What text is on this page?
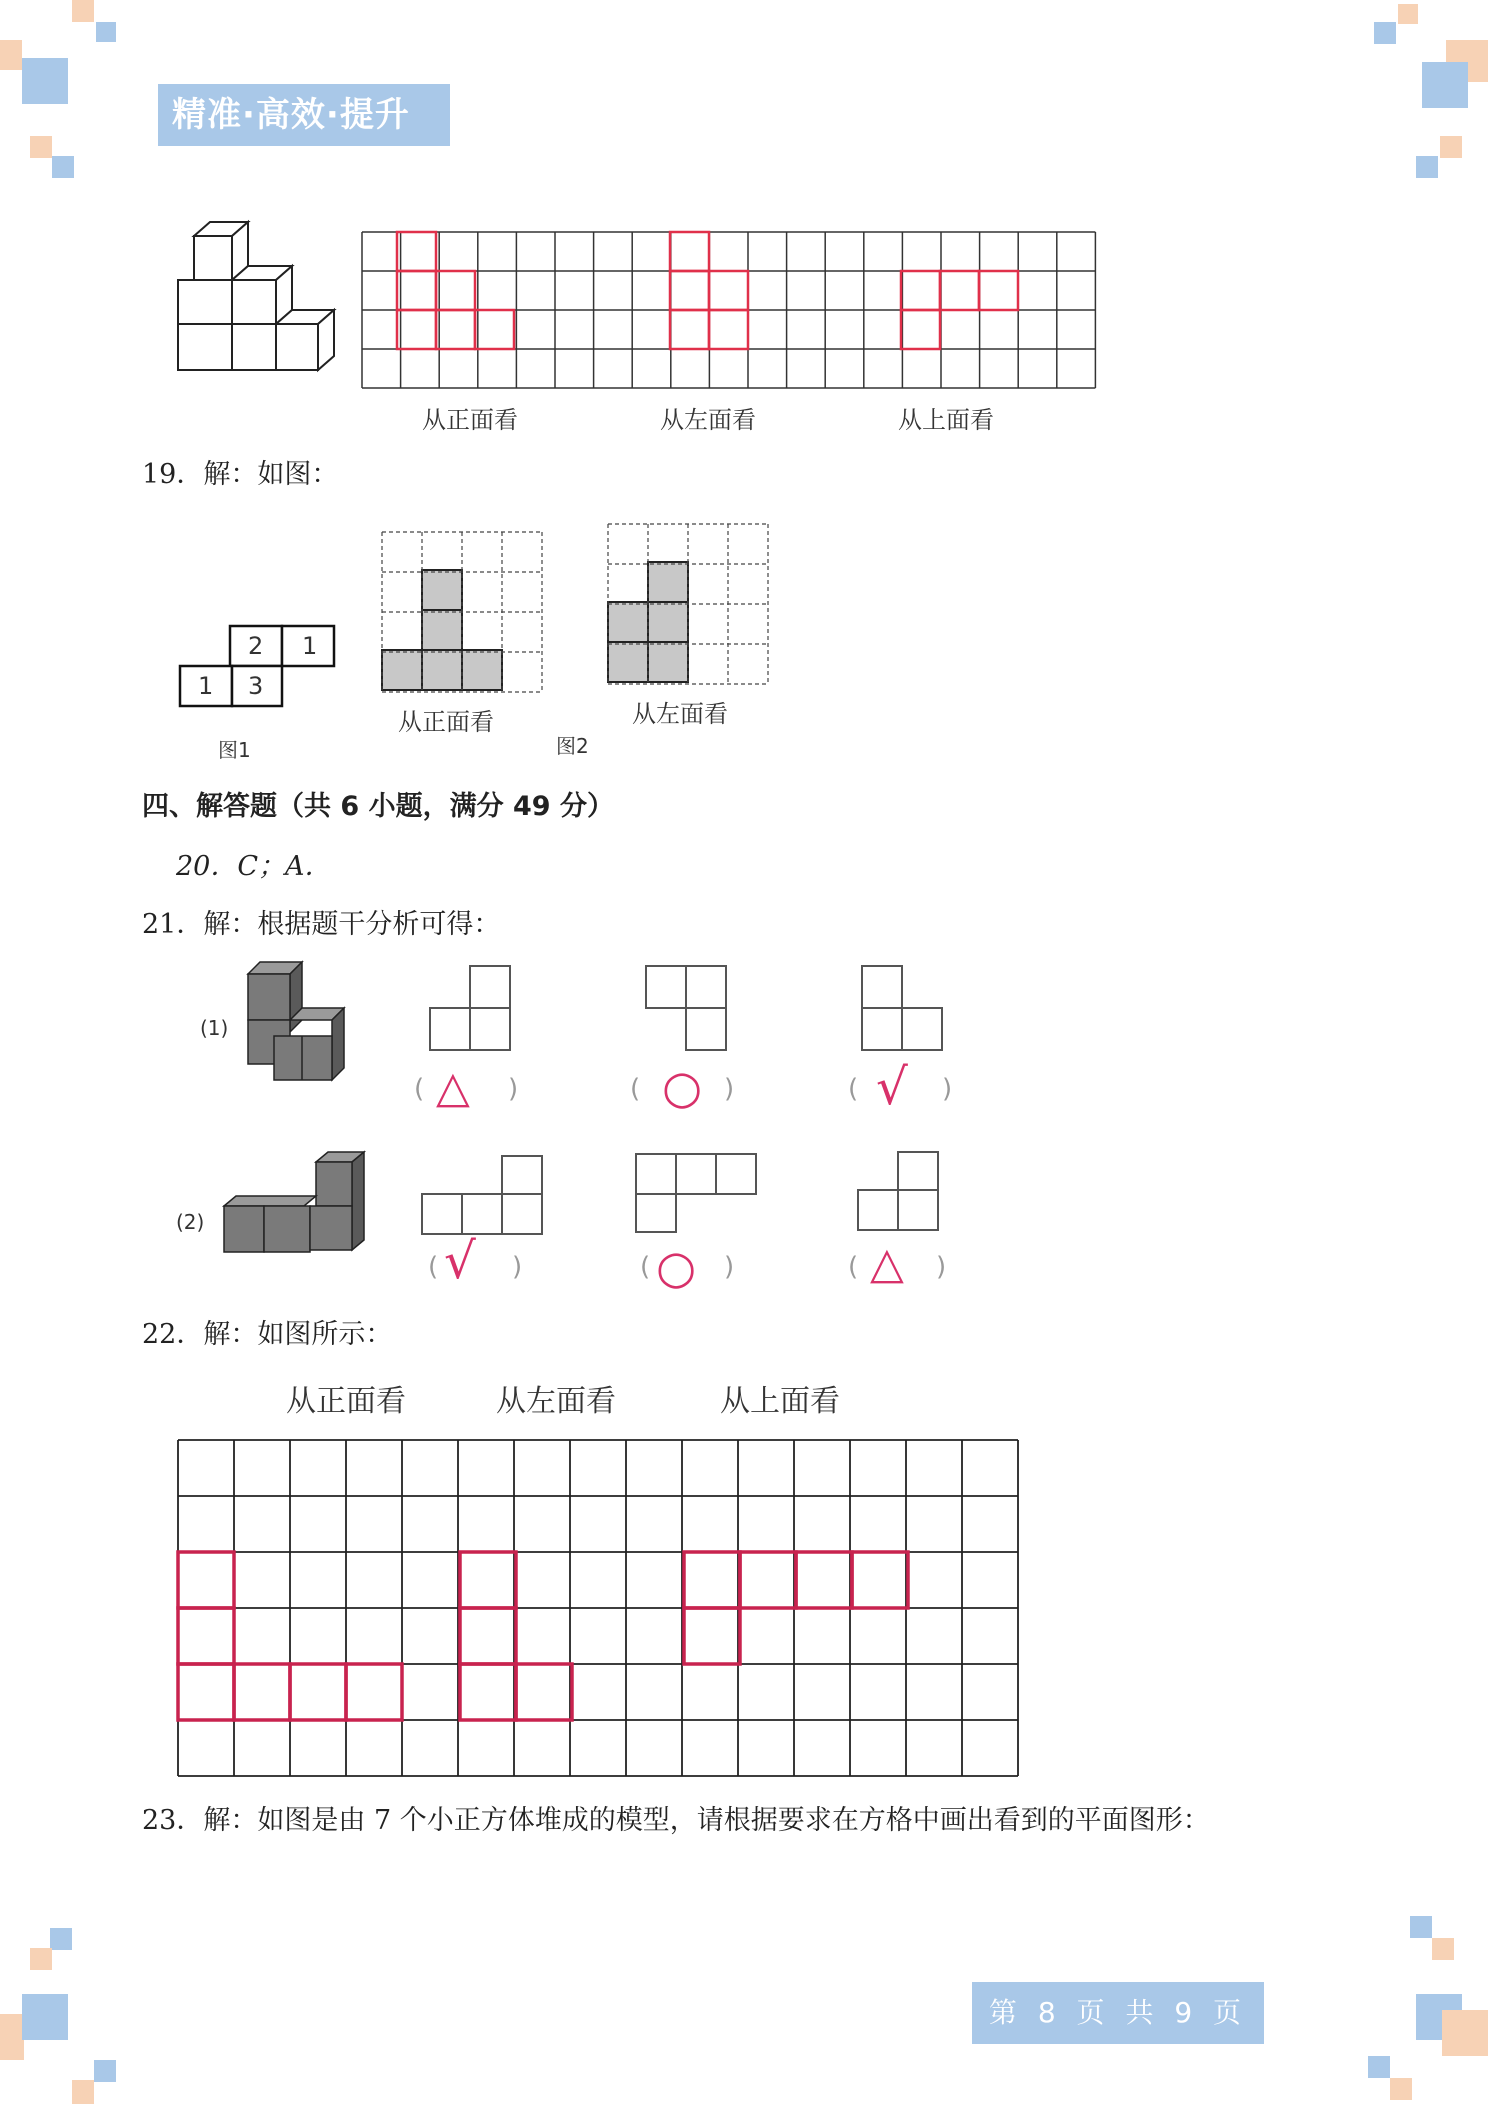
精准·高效·提升
从正面看	从左面看	从上面看
19．解：如图：
2 1
1 3
图1
从正面看
图2
从左面看
四、解答题（共 6 小题，满分 49 分）
20．C；A．
21．解：根据题干分析可得：
(1)
(2)
( △ )	( ○ )	( √ )
( √ )	( ○ )	( △ )
22．解：如图所示：
从正面看	从左面看	从上面看
23．解：如图是由 7 个小正方体堆成的模型，请根据要求在方格中画出看到的平面图形：
第 8 页 共 9 页
